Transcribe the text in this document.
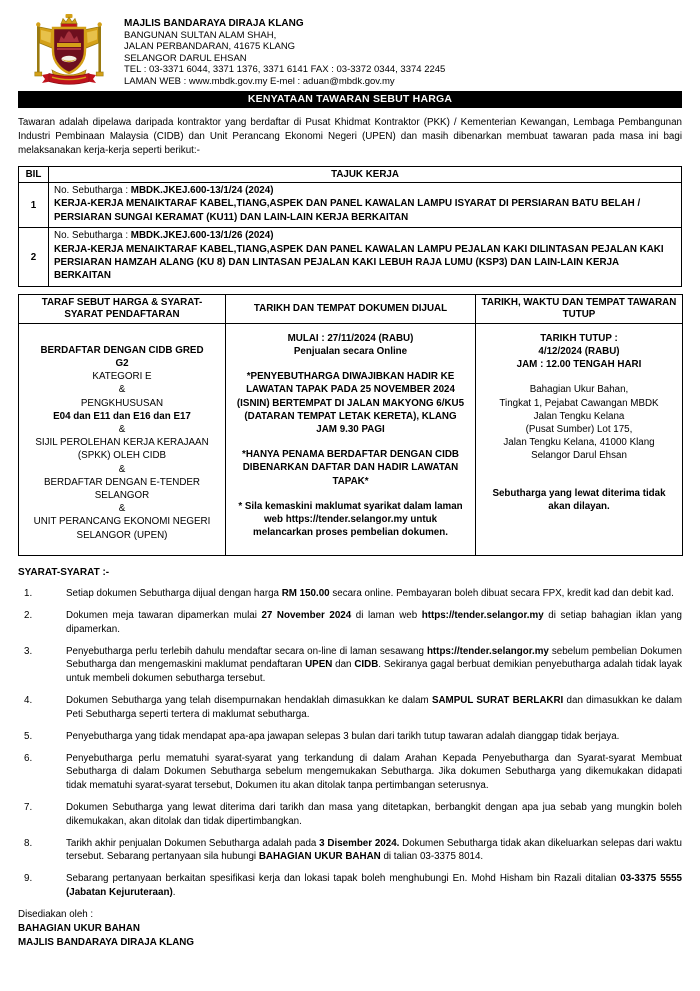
MAJLIS BANDARAYA DIRAJA KLANG
BANGUNAN SULTAN ALAM SHAH,
JALAN PERBANDARAN, 41675 KLANG
SELANGOR DARUL EHSAN
TEL : 03-3371 6044, 3371 1376, 3371 6141 FAX : 03-3372 0344, 3374 2245
LAMAN WEB : www.mbdk.gov.my E-mel : aduan@mbdk.gov.my
KENYATAAN TAWARAN SEBUT HARGA
Tawaran adalah dipelawa daripada kontraktor yang berdaftar di Pusat Khidmat Kontraktor (PKK) / Kementerian Kewangan, Lembaga Pembangunan Industri Pembinaan Malaysia (CIDB) dan Unit Perancang Ekonomi Negeri (UPEN) dan masih dibenarkan membuat tawaran pada masa ini bagi melaksanakan kerja-kerja seperti berikut:-
BIL	TAJUK KERJA
1	No. Sebutharga : MBDK.JKEJ.600-13/1/24 (2024)
KERJA-KERJA MENAIKTARAF KABEL,TIANG,ASPEK DAN PANEL KAWALAN LAMPU ISYARAT DI PERSIARAN BATU BELAH / PERSIARAN SUNGAI KERAMAT (KU11) DAN LAIN-LAIN KERJA BERKAITAN

2	No. Sebutharga : MBDK.JKEJ.600-13/1/26 (2024)
KERJA-KERJA MENAIKTARAF KABEL,TIANG,ASPEK DAN PANEL KAWALAN LAMPU PEJALAN KAKI DILINTASAN PEJALAN KAKI PERSIARAN HAMZAH ALANG (KU 8) DAN LINTASAN PEJALAN KAKI LEBUH RAJA LUMU (KSP3) DAN LAIN-LAIN KERJA BERKAITAN
TARAF SEBUT HARGA & SYARAT-SYARAT PENDAFTARAN	TARIKH DAN TEMPAT DOKUMEN DIJUAL	TARIKH, WAKTU DAN TEMPAT TAWARAN TUTUP

BERDAFTAR DENGAN CIDB GRED
G2
KATEGORI E
&
PENGKHUSUSAN
E04 dan E11 dan E16 dan E17
&
SIJIL PEROLEHAN KERJA KERAJAAN
(SPKK) OLEH CIDB
&
BERDAFTAR DENGAN E-TENDER
SELANGOR
&
UNIT PERANCANG EKONOMI NEGERI
SELANGOR (UPEN)

MULAI : 27/11/2024 (RABU)
Penjualan secara Online
*PENYEBUTHARGA DIWAJIBKAN HADIR KE LAWATAN TAPAK PADA 25 NOVEMBER 2024 (ISNIN) BERTEMPAT DI JALAN MAKYONG 6/KU5 (DATARAN TEMPAT LETAK KERETA), KLANG JAM 9.30 PAGI
*HANYA PENAMA BERDAFTAR DENGAN CIDB DIBENARKAN DAFTAR DAN HADIR LAWATAN TAPAK*
* Sila kemaskini maklumat syarikat dalam laman web https://tender.selangor.my untuk melancarkan proses pembelian dokumen.

TARIKH TUTUP :
4/12/2024 (RABU)
JAM : 12.00 TENGAH HARI
Bahagian Ukur Bahan,
Tingkat 1, Pejabat Cawangan MBDK
Jalan Tengku Kelana
(Pusat Sumber) Lot 175,
Jalan Tengku Kelana, 41000 Klang
Selangor Darul Ehsan
Sebutharga yang lewat diterima tidak akan dilayan.
SYARAT-SYARAT :-
1.	Setiap dokumen Sebutharga dijual dengan harga RM 150.00 secara online. Pembayaran boleh dibuat secara FPX, kredit kad dan debit kad.
2.	Dokumen meja tawaran dipamerkan mulai 27 November 2024 di laman web https://tender.selangor.my di setiap bahagian iklan yang dipamerkan.
3.	Penyebutharga perlu terlebih dahulu mendaftar secara on-line di laman sesawang https://tender.selangor.my sebelum pembelian Dokumen Sebutharga dan mengemaskini maklumat pendaftaran UPEN dan CIDB. Sekiranya gagal berbuat demikian penyebutharga adalah tidak layak untuk membeli dokumen sebutharga tersebut.
4.	Dokumen Sebutharga yang telah disempurnakan hendaklah dimasukkan ke dalam SAMPUL SURAT BERLAKRI dan dimasukkan ke dalam Peti Sebutharga seperti tertera di maklumat sebutharga.
5.	Penyebutharga yang tidak mendapat apa-apa jawapan selepas 3 bulan dari tarikh tutup tawaran adalah dianggap tidak berjaya.
6.	Penyebutharga perlu mematuhi syarat-syarat yang terkandung di dalam Arahan Kepada Penyebutharga dan Syarat-syarat Membuat Sebutharga di dalam Dokumen Sebutharga sebelum mengemukakan Sebutharga. Jika dokumen Sebutharga yang dikemukakan didapati tidak mematuhi syarat-syarat tersebut, Dokumen itu akan ditolak tanpa pertimbangan seterusnya.
7.	Dokumen Sebutharga yang lewat diterima dari tarikh dan masa yang ditetapkan, berbangkit dengan apa jua sebab yang mungkin boleh dikemukakan, akan ditolak dan tidak dipertimbangkan.
8.	Tarikh akhir penjualan Dokumen Sebutharga adalah pada 3 Disember 2024. Dokumen Sebutharga tidak akan dikeluarkan selepas dari waktu tersebut. Sebarang pertanyaan sila hubungi BAHAGIAN UKUR BAHAN di talian 03-3375 8014.
9.	Sebarang pertanyaan berkaitan spesifikasi kerja dan lokasi tapak boleh menghubungi En. Mohd Hisham bin Razali ditalian 03-3375 5555 (Jabatan Kejuruteraan).
Disediakan oleh :
BAHAGIAN UKUR BAHAN
MAJLIS BANDARAYA DIRAJA KLANG
